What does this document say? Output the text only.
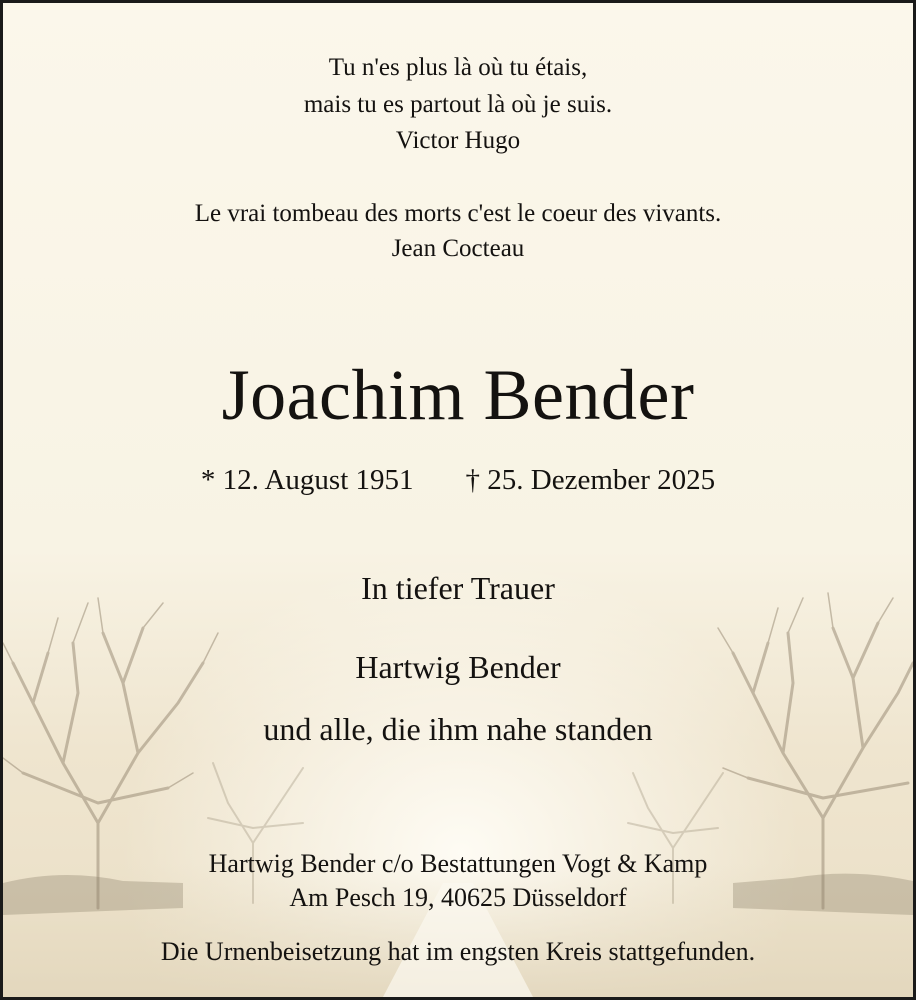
Tu n'es plus là où tu étais,
mais tu es partout là où je suis.
Victor Hugo
Le vrai tombeau des morts c'est le coeur des vivants.
Jean Cocteau
Joachim Bender
* 12. August 1951 † 25. Dezember 2025
In tiefer Trauer
Hartwig Bender
und alle, die ihm nahe standen
Hartwig Bender c/o Bestattungen Vogt & Kamp
Am Pesch 19, 40625 Düsseldorf
Die Urnenbeisetzung hat im engsten Kreis stattgefunden.
